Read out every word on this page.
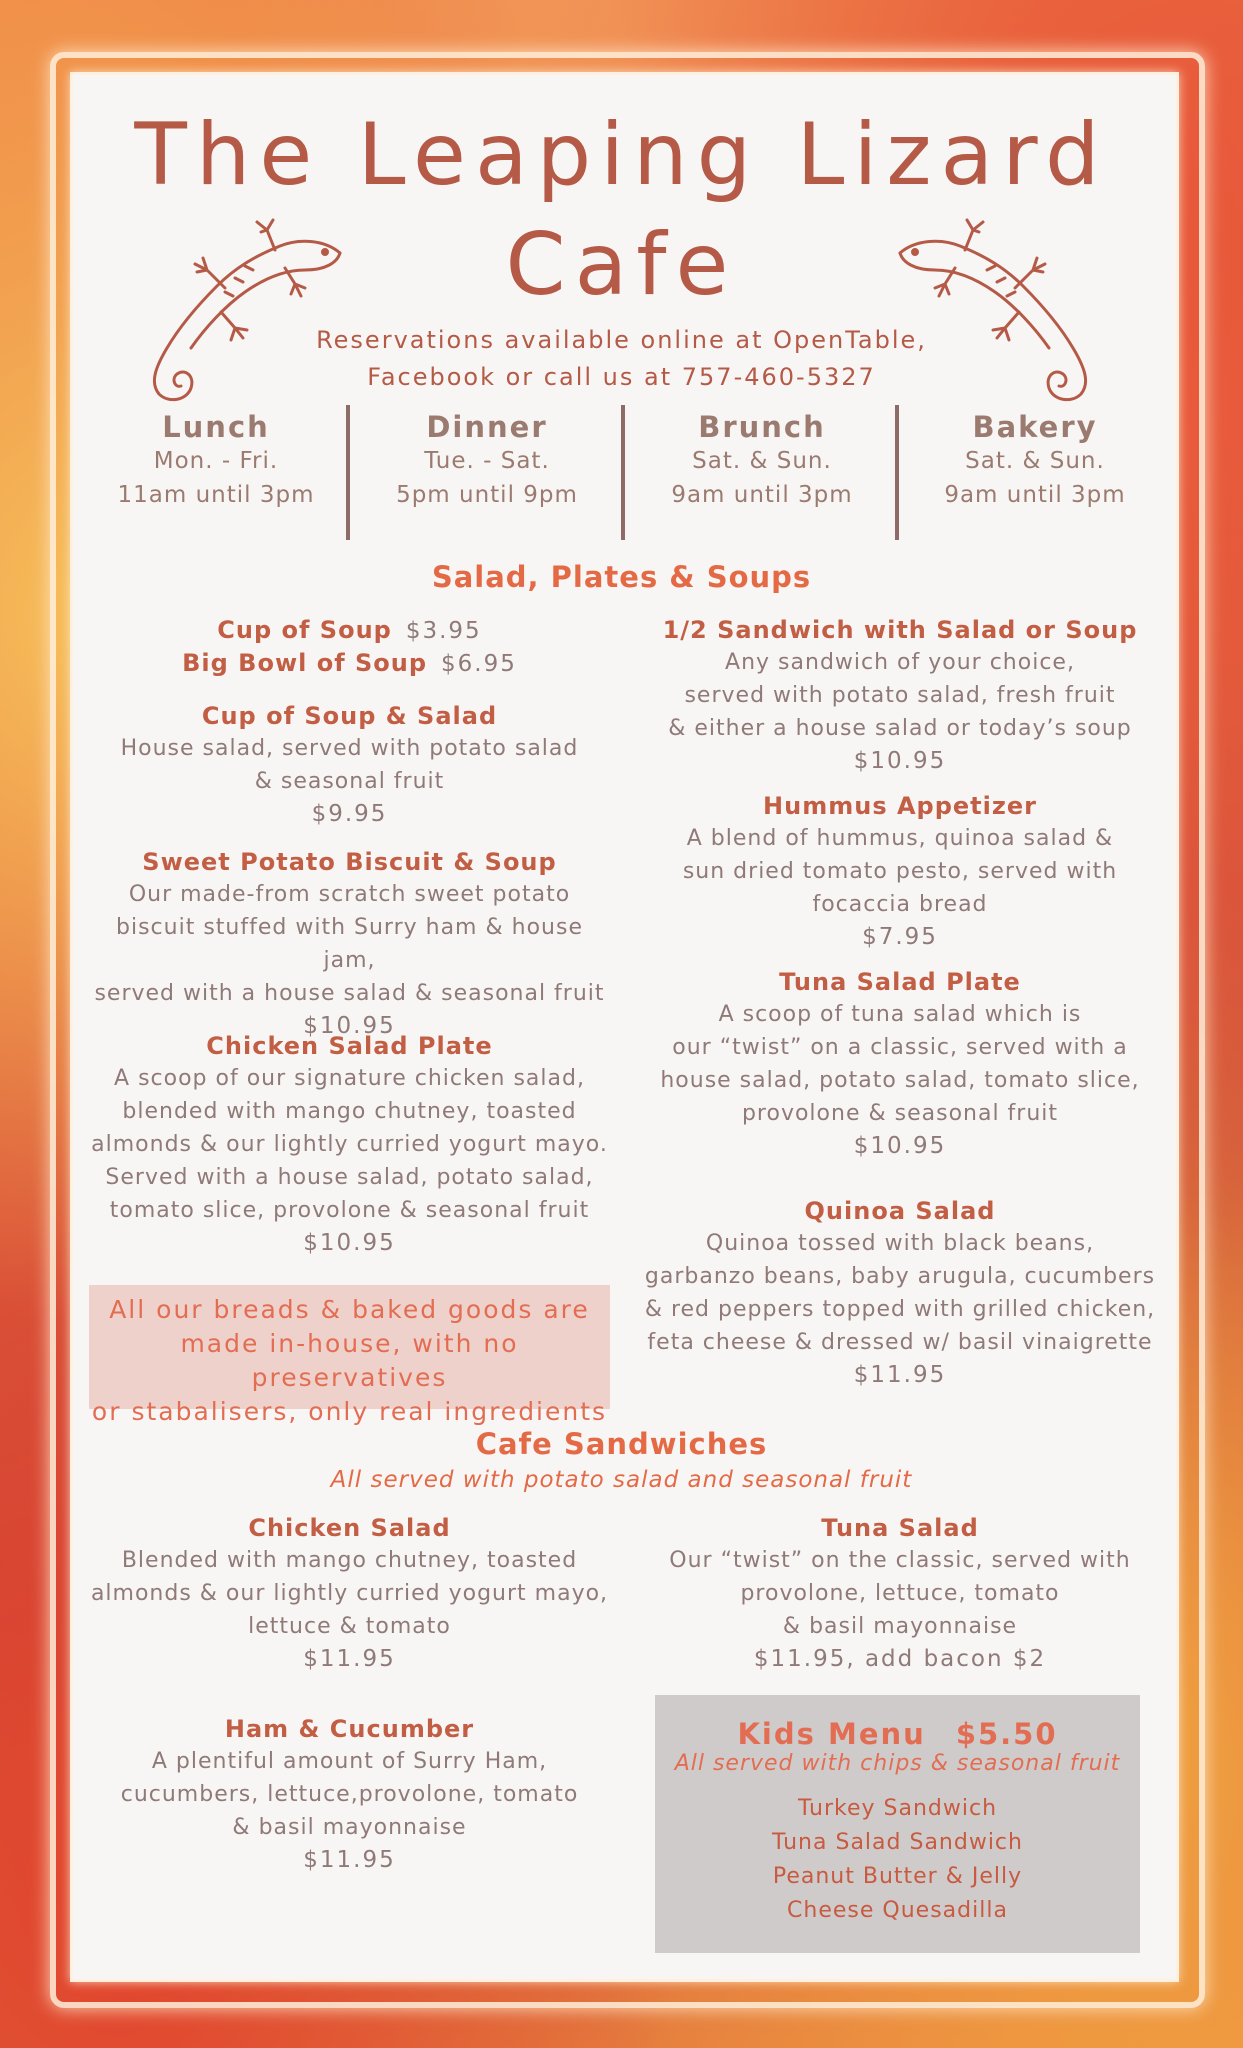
The Leaping Lizard
Cafe
Reservations available online at OpenTable,
Facebook or call us at 757-460-5327
Lunch
Mon. - Fri.
11am until 3pm
Dinner
Tue. - Sat.
5pm until 9pm
Brunch
Sat. & Sun.
9am until 3pm
Bakery
Sat. & Sun.
9am until 3pm
Salad, Plates & Soups
Cup of Soup $3.95
Big Bowl of Soup $6.95
Cup of Soup & Salad
House salad, served with potato salad
& seasonal fruit
$9.95
Sweet Potato Biscuit & Soup
Our made-from scratch sweet potato
biscuit stuffed with Surry ham & house jam,
served with a house salad & seasonal fruit
$10.95
Chicken Salad Plate
A scoop of our signature chicken salad,
blended with mango chutney, toasted
almonds & our lightly curried yogurt mayo.
Served with a house salad, potato salad,
tomato slice, provolone & seasonal fruit
$10.95
All our breads & baked goods are
made in-house, with no preservatives
or stabalisers, only real ingredients
1/2 Sandwich with Salad or Soup
Any sandwich of your choice,
served with potato salad, fresh fruit
& either a house salad or today’s soup
$10.95
Hummus Appetizer
A blend of hummus, quinoa salad &
sun dried tomato pesto, served with
focaccia bread
$7.95
Tuna Salad Plate
A scoop of tuna salad which is
our “twist” on a classic, served with a
house salad, potato salad, tomato slice,
provolone & seasonal fruit
$10.95
Quinoa Salad
Quinoa tossed with black beans,
garbanzo beans, baby arugula, cucumbers
& red peppers topped with grilled chicken,
feta cheese & dressed w/ basil vinaigrette
$11.95
Cafe Sandwiches
All served with potato salad and seasonal fruit
Chicken Salad
Blended with mango chutney, toasted
almonds & our lightly curried yogurt mayo,
lettuce & tomato
$11.95
Tuna Salad
Our “twist” on the classic, served with
provolone, lettuce, tomato
& basil mayonnaise
$11.95, add bacon $2
Ham & Cucumber
A plentiful amount of Surry Ham,
cucumbers, lettuce,provolone, tomato
& basil mayonnaise
$11.95
Kids Menu $5.50
All served with chips & seasonal fruit
Turkey Sandwich
Tuna Salad Sandwich
Peanut Butter & Jelly
Cheese Quesadilla
